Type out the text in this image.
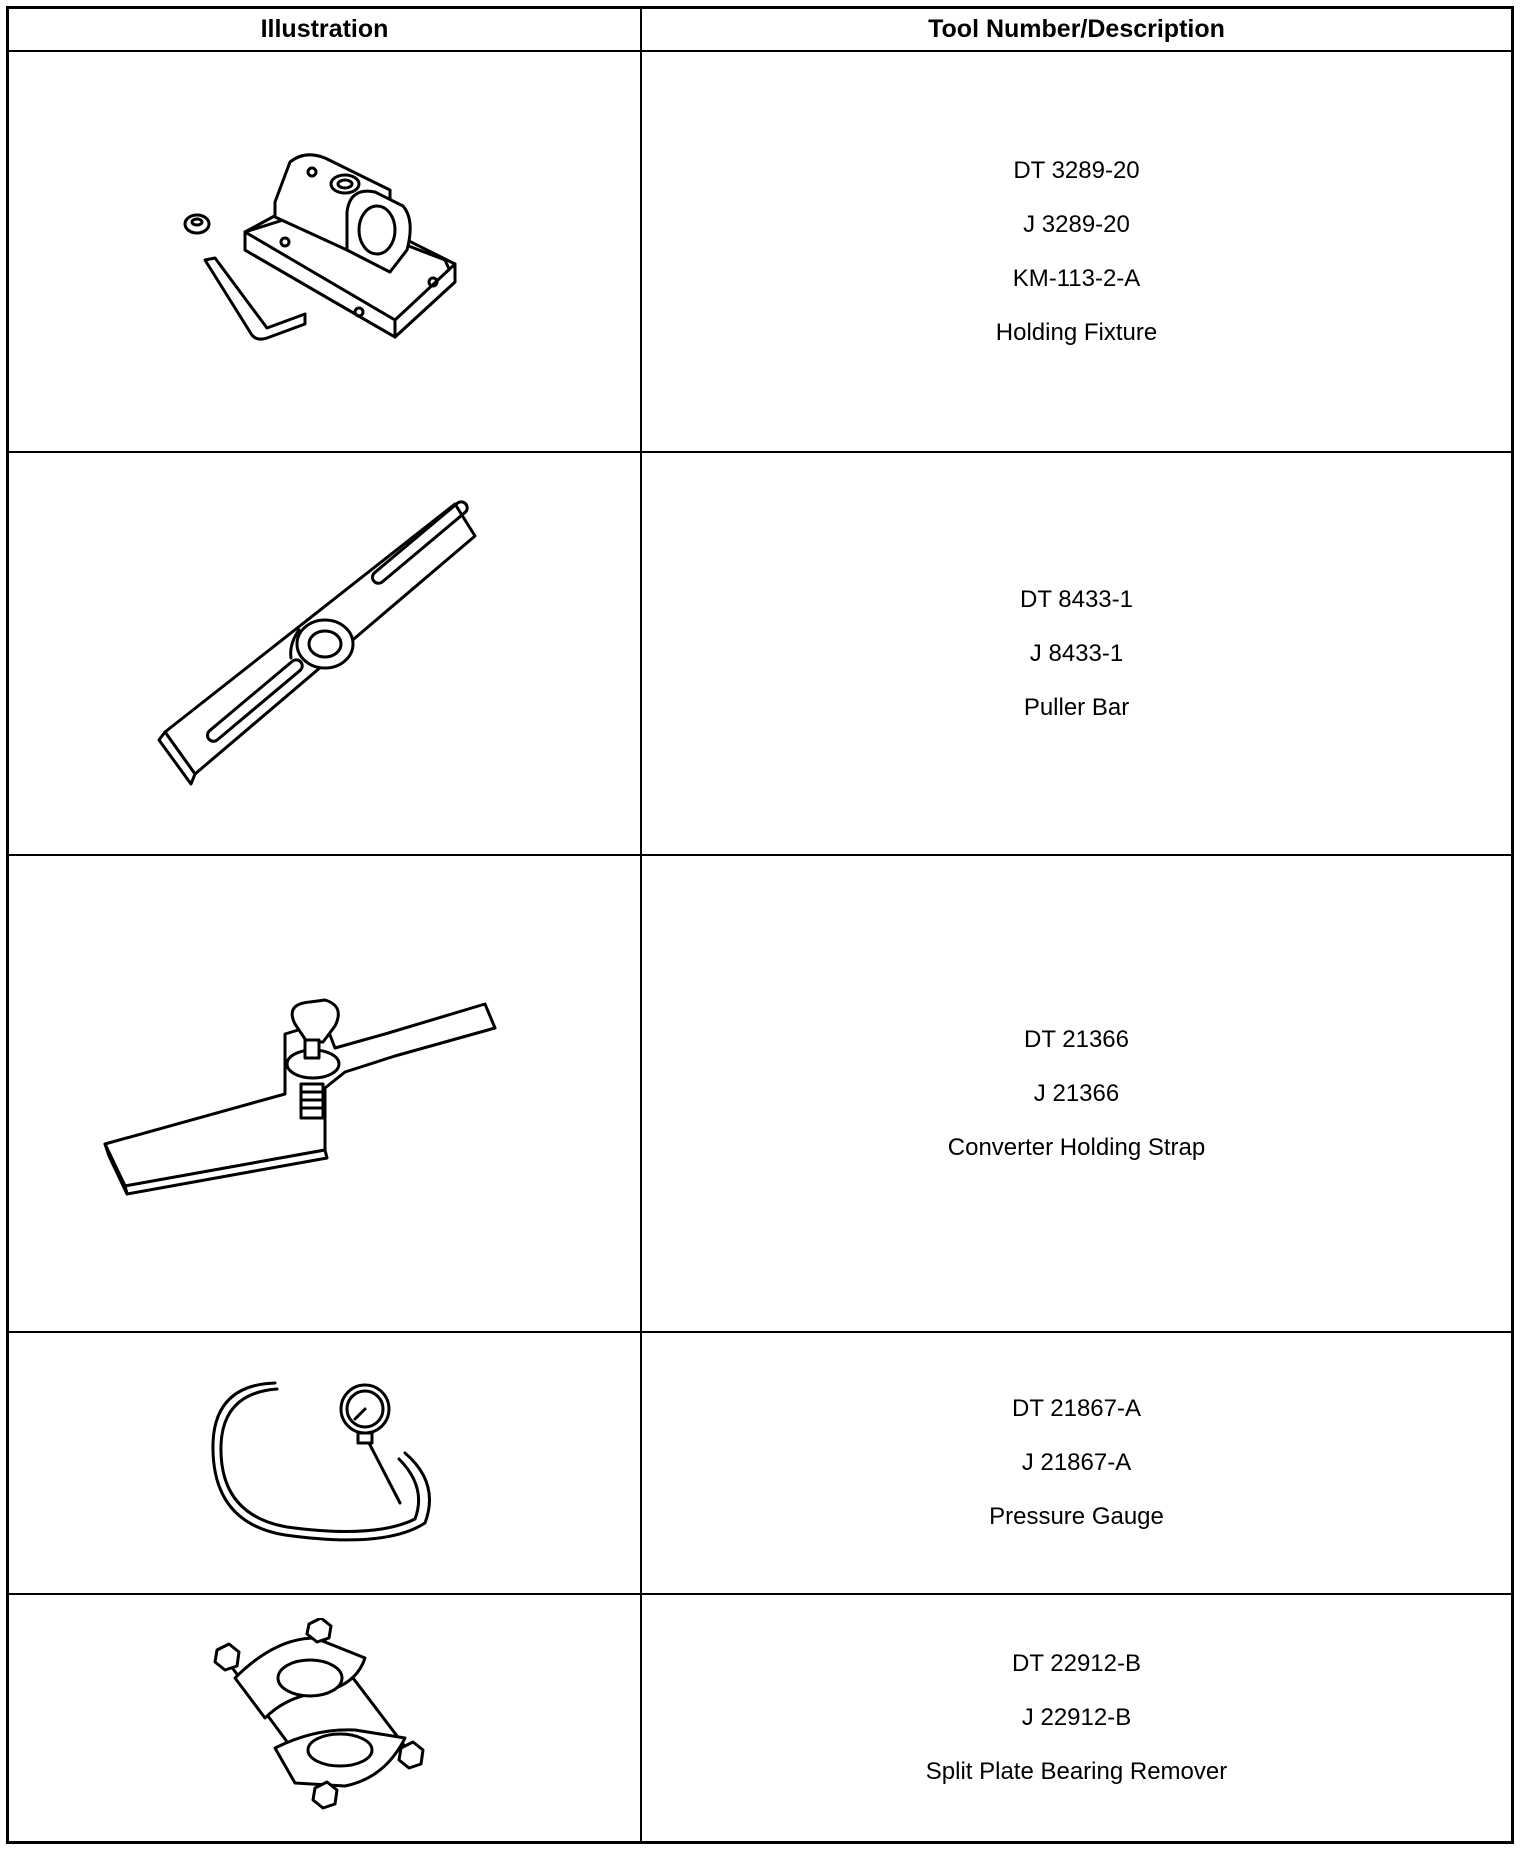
Illustration	Tool Number/Description
DT 3289-20
J 3289-20
KM-113-2-A
Holding Fixture
DT 8433-1
J 8433-1
Puller Bar
DT 21366
J 21366
Converter Holding Strap
DT 21867-A
J 21867-A
Pressure Gauge
DT 22912-B
J 22912-B
Split Plate Bearing Remover
